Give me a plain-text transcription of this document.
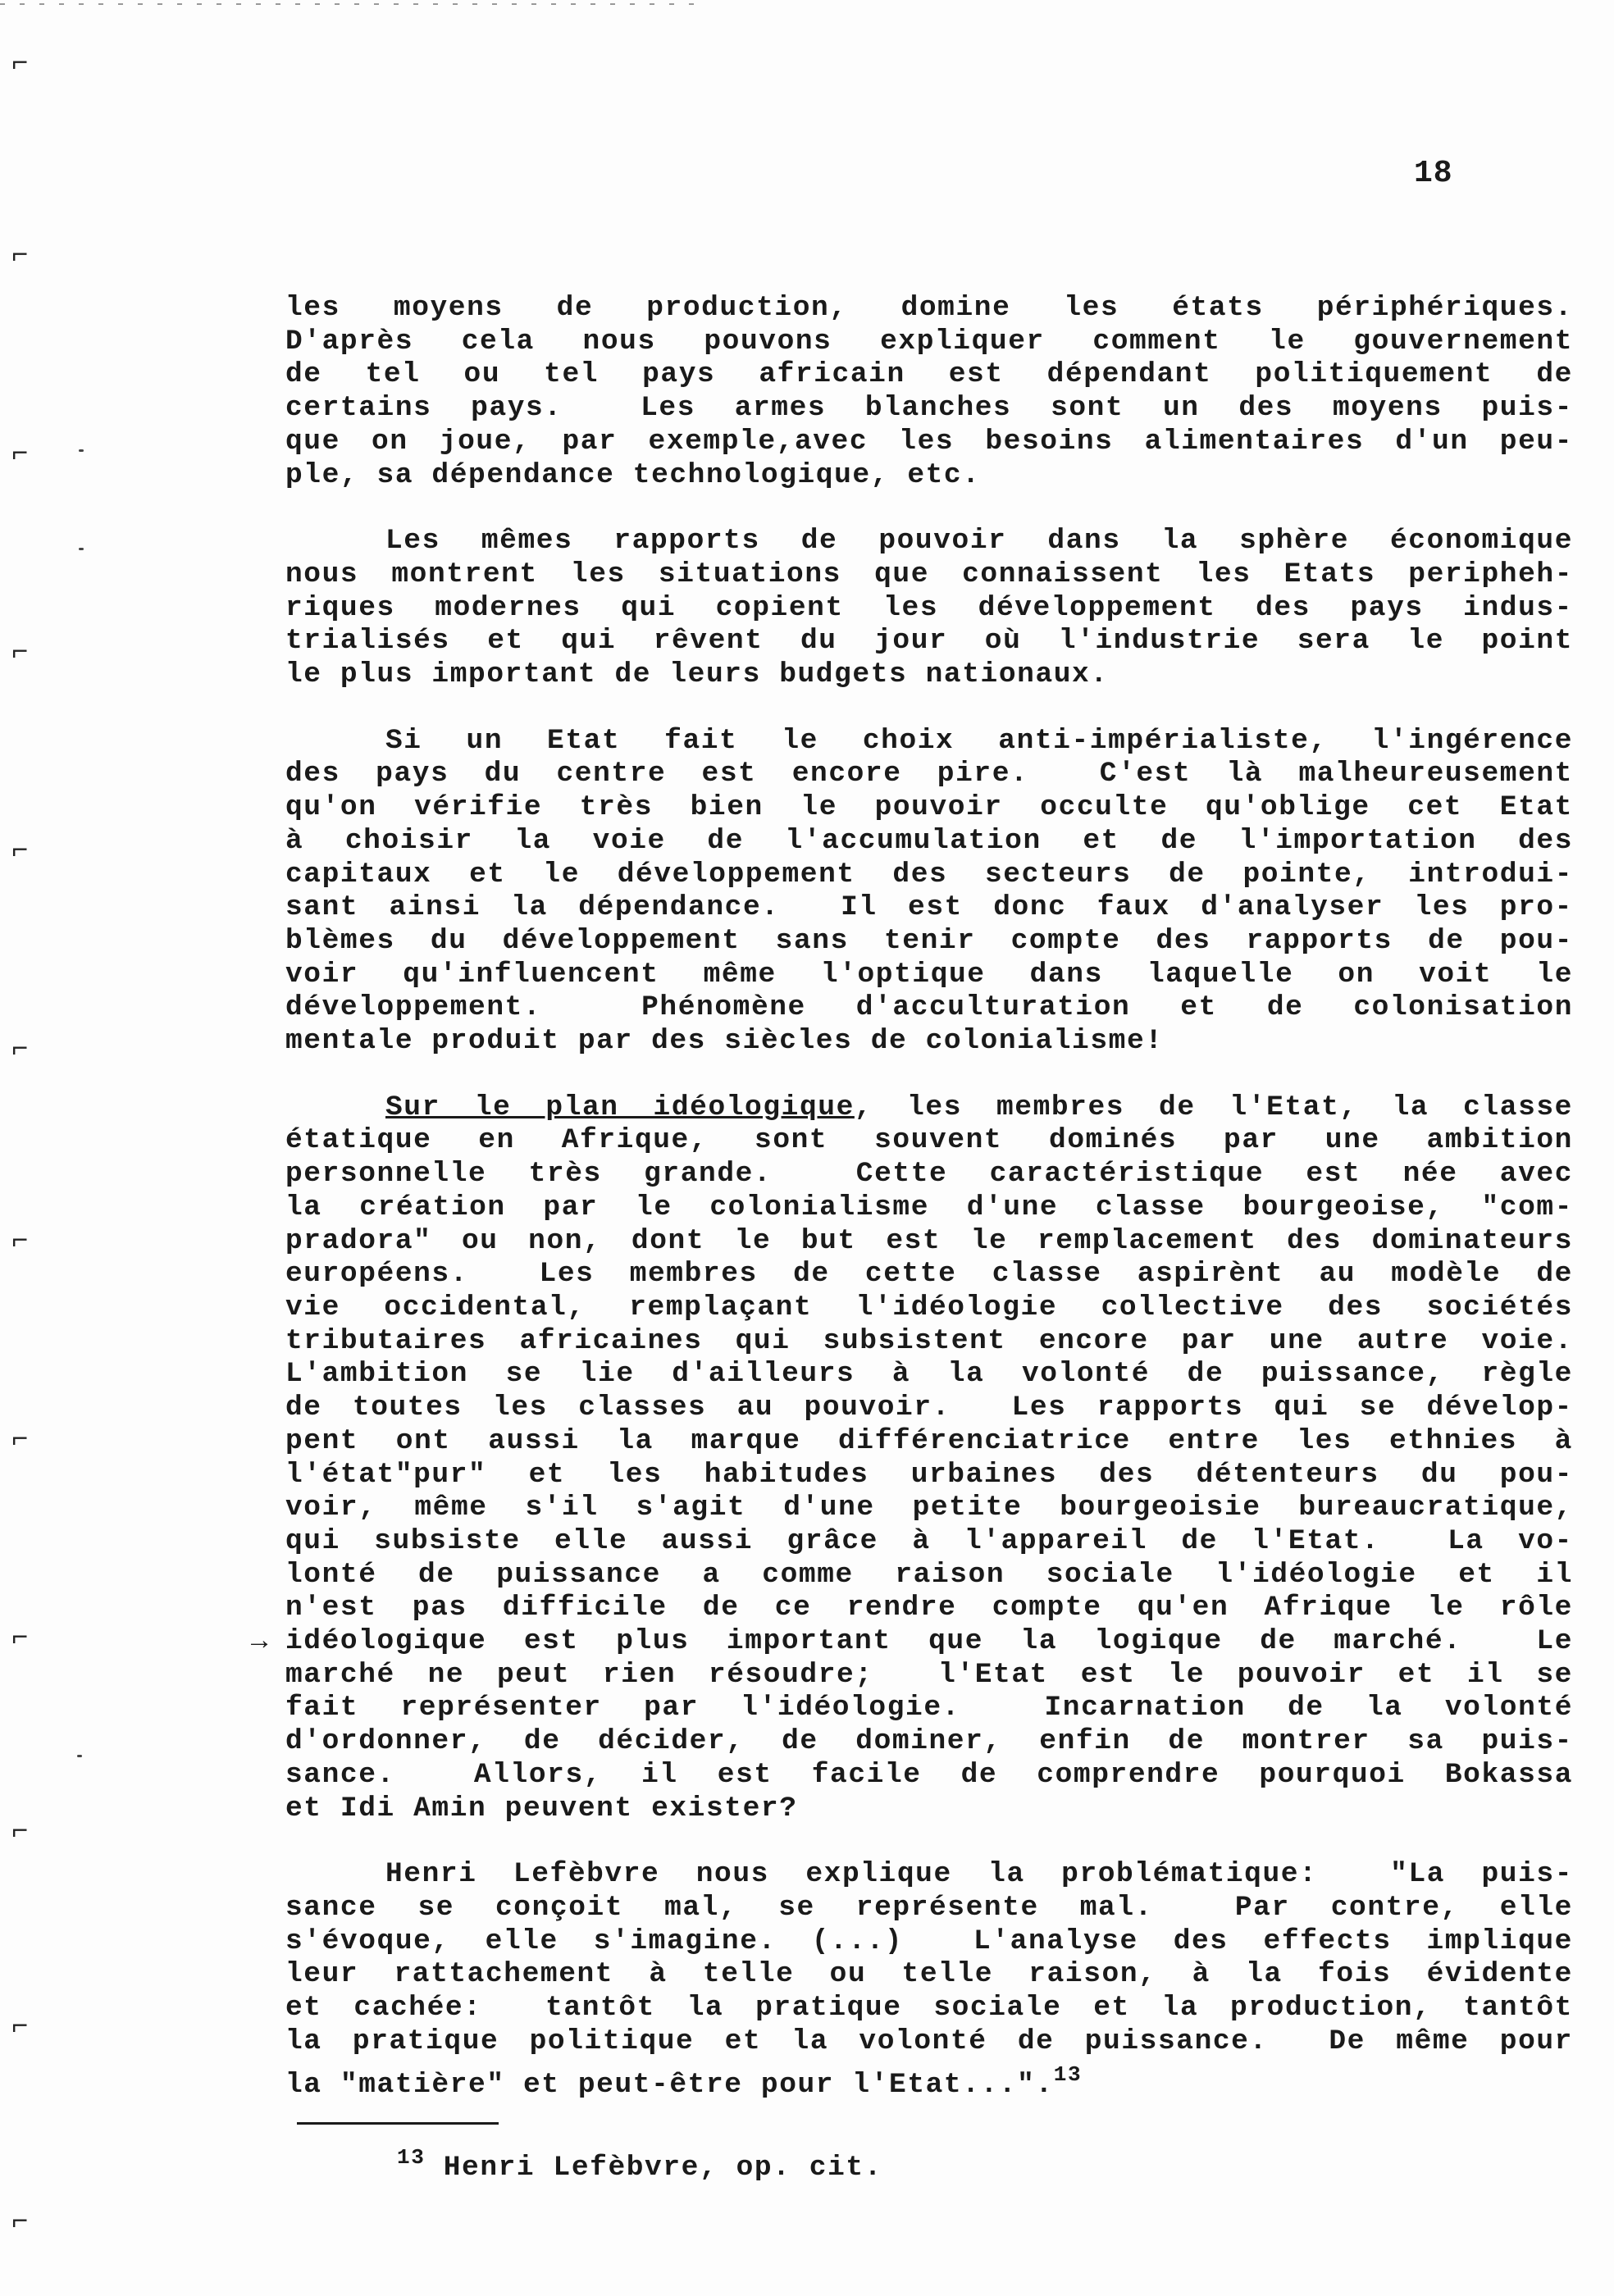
⌐
⌐
⌐
⌐
⌐
⌐
⌐
⌐
⌐
⌐
⌐
⌐
18
→
les moyens de production, domine les états périphériques.
D'après cela nous pouvons expliquer comment le gouvernement
de tel ou tel pays africain est dépendant politiquement de
certains pays.  Les armes blanches sont un des moyens puis-
que on joue, par exemple,avec les besoins alimentaires d'un peu-
ple, sa dépendance technologique, etc.
Les mêmes rapports de pouvoir dans la sphère économique
nous montrent les situations que connaissent les Etats peripheh-
riques modernes qui copient les développement des pays indus-
trialisés et qui rêvent du jour où l'industrie sera le point
le plus important de leurs budgets nationaux.
Si un Etat fait le choix anti-impérialiste, l'ingérence
des pays du centre est encore pire.  C'est là malheureusement
qu'on vérifie très bien le pouvoir occulte qu'oblige cet Etat
à choisir la voie de l'accumulation et de l'importation des
capitaux et le développement des secteurs de pointe, introdui-
sant ainsi la dépendance.  Il est donc faux d'analyser les pro-
blèmes du développement sans tenir compte des rapports de pou-
voir qu'influencent même l'optique dans laquelle on voit le
développement.  Phénomène d'acculturation et de colonisation
mentale produit par des siècles de colonialisme!
Sur le plan idéologique, les membres de l'Etat, la classe
étatique en Afrique, sont souvent dominés par une ambition
personnelle très grande.  Cette caractéristique est née avec
la création par le colonialisme d'une classe bourgeoise, "com-
pradora" ou non, dont le but est le remplacement des dominateurs
européens.  Les membres de cette classe aspirènt au modèle de
vie occidental, remplaçant l'idéologie collective des sociétés
tributaires africaines qui subsistent encore par une autre voie.
L'ambition se lie d'ailleurs à la volonté de puissance, règle
de toutes les classes au pouvoir.  Les rapports qui se dévelop-
pent ont aussi la marque différenciatrice entre les ethnies à
l'état"pur" et les habitudes urbaines des détenteurs du pou-
voir, même s'il s'agit d'une petite bourgeoisie bureaucratique,
qui subsiste elle aussi grâce à l'appareil de l'Etat.  La vo-
lonté de puissance a comme raison sociale l'idéologie et il
n'est pas difficile de ce rendre compte qu'en Afrique le rôle
idéologique est plus important que la logique de marché.  Le
marché ne peut rien résoudre;  l'Etat est le pouvoir et il se
fait représenter par l'idéologie.  Incarnation de la volonté
d'ordonner, de décider, de dominer, enfin de montrer sa puis-
sance.  Allors, il est facile de comprendre pourquoi Bokassa
et Idi Amin peuvent exister?
Henri Lefèbvre nous explique la problématique:  "La puis-
sance se conçoit mal, se représente mal.  Par contre, elle
s'évoque, elle s'imagine. (...)  L'analyse des effects implique
leur rattachement à telle ou telle raison, à la fois évidente
et cachée:  tantôt la pratique sociale et la production, tantôt
la pratique politique et la volonté de puissance.  De même pour
la "matière" et peut-être pour l'Etat...".$^{13}$
$^{13}$ Henri Lefèbvre, op. cit.
